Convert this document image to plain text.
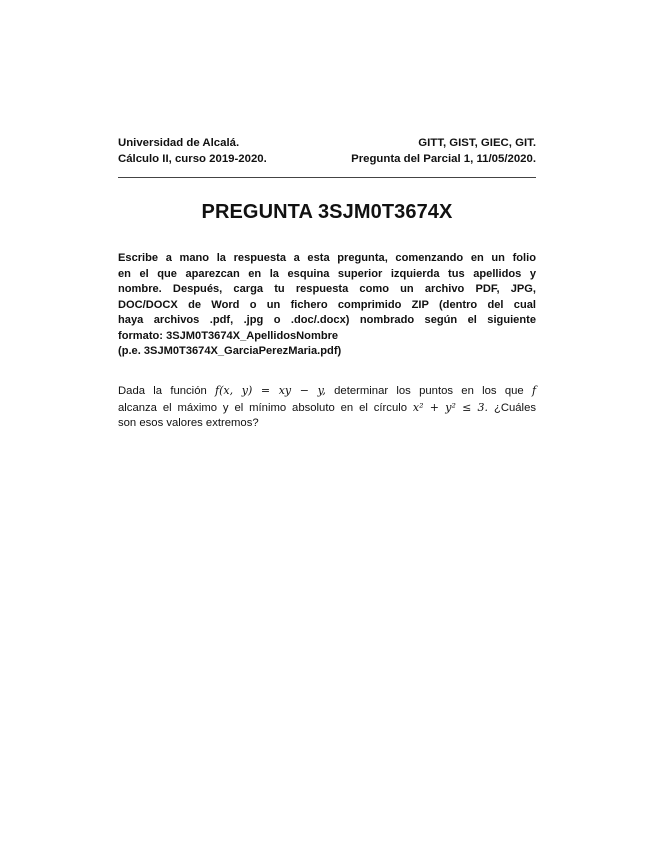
Universidad de Alcalá.
Cálculo II, curso 2019-2020.
GITT, GIST, GIEC, GIT.
Pregunta del Parcial 1, 11/05/2020.
PREGUNTA 3SJM0T3674X
Escribe a mano la respuesta a esta pregunta, comenzando en un folio
en el que aparezcan en la esquina superior izquierda tus apellidos y
nombre. Después, carga tu respuesta como un archivo PDF, JPG,
DOC/DOCX de Word o un fichero comprimido ZIP (dentro del cual
haya archivos .pdf, .jpg o .doc/.docx) nombrado según el siguiente
formato: 3SJM0T3674X_ApellidosNombre
(p.e. 3SJM0T3674X_GarciaPerezMaria.pdf)
Dada la función f(x, y) = xy − y, determinar los puntos en los que f
alcanza el máximo y el mínimo absoluto en el círculo x² + y² ≤ 3. ¿Cuáles
son esos valores extremos?
